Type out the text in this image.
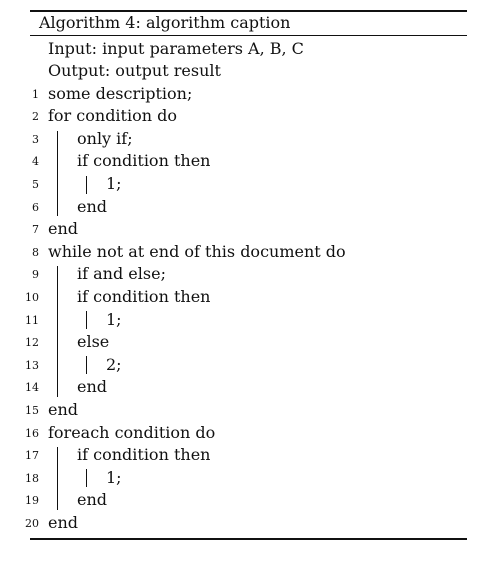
Algorithm 4: algorithm caption
Input: input parameters A, B, C
Output: output result
1 some description;
2 for condition do
3 only if;
4 if condition then
5	1;
6 end
7 end
8 while not at end of this document do
9 if and else;
10 if condition then
11	1;
12 else
13	2;
14 end
15 end
16 foreach condition do
17 if condition then
18	1;
19 end
20 end
